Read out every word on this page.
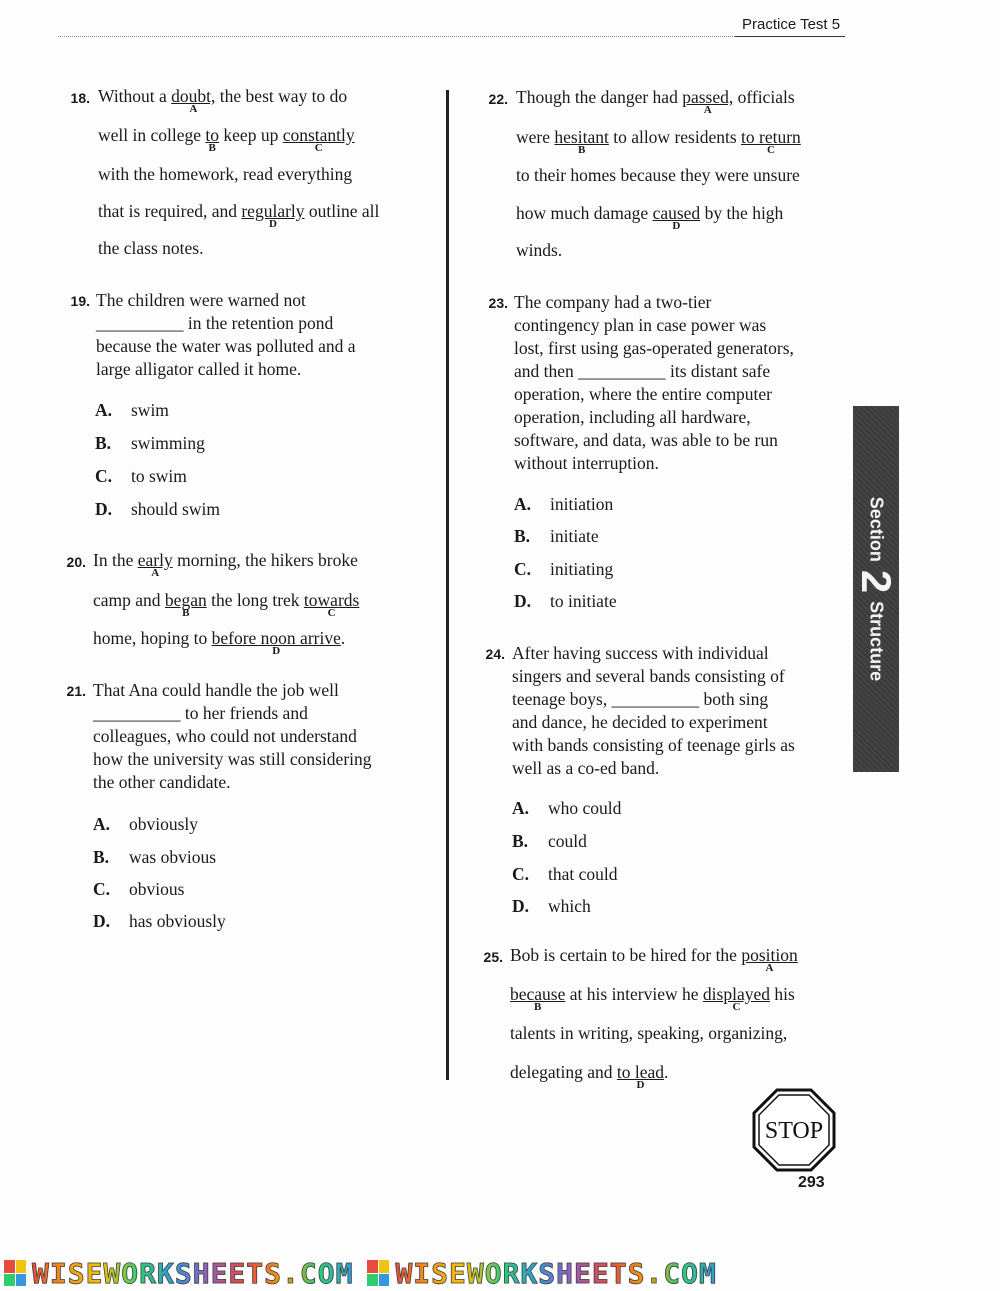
Practice Test 5
18. Without a doubt,
A
the best way to do
well in college to
B
keep up constantly
C
with the homework, read everything
that is required, and regularly
D
outline all
the class notes.
19. The children were warned not
__________ in the retention pond
because the water was polluted and a
large alligator called it home.
A. swim
B. swimming
C. to swim
D. should swim
20. In the early
A
morning, the hikers broke
camp and began
B
the long trek towards
C
home, hoping to before noon arrive
D
.
21. That Ana could handle the job well
__________ to her friends and
colleagues, who could not understand
how the university was still considering
the other candidate.
A. obviously
B. was obvious
C. obvious
D. has obviously
22. Though the danger had passed,
A
officials
were hesitant
B
to allow residents to return
C
to their homes because they were unsure
how much damage caused
D
by the high
winds.
23. The company had a two-tier
contingency plan in case power was
lost, first using gas-operated generators,
and then __________ its distant safe
operation, where the entire computer
operation, including all hardware,
software, and data, was able to be run
without interruption.
A. initiation
B. initiate
C. initiating
D. to initiate
24. After having success with individual
singers and several bands consisting of
teenage boys, __________ both sing
and dance, he decided to experiment
with bands consisting of teenage girls as
well as a co-ed band.
A. who could
B. could
C. that could
D. which
25. Bob is certain to be hired for the position
A
because
B
at his interview he displayed
C
his
talents in writing, speaking, organizing,
delegating and to lead
D
.
Section2Structure
STOP
293
WISEWORKSHEETS.COM WISEWORKSHEETS.COM
